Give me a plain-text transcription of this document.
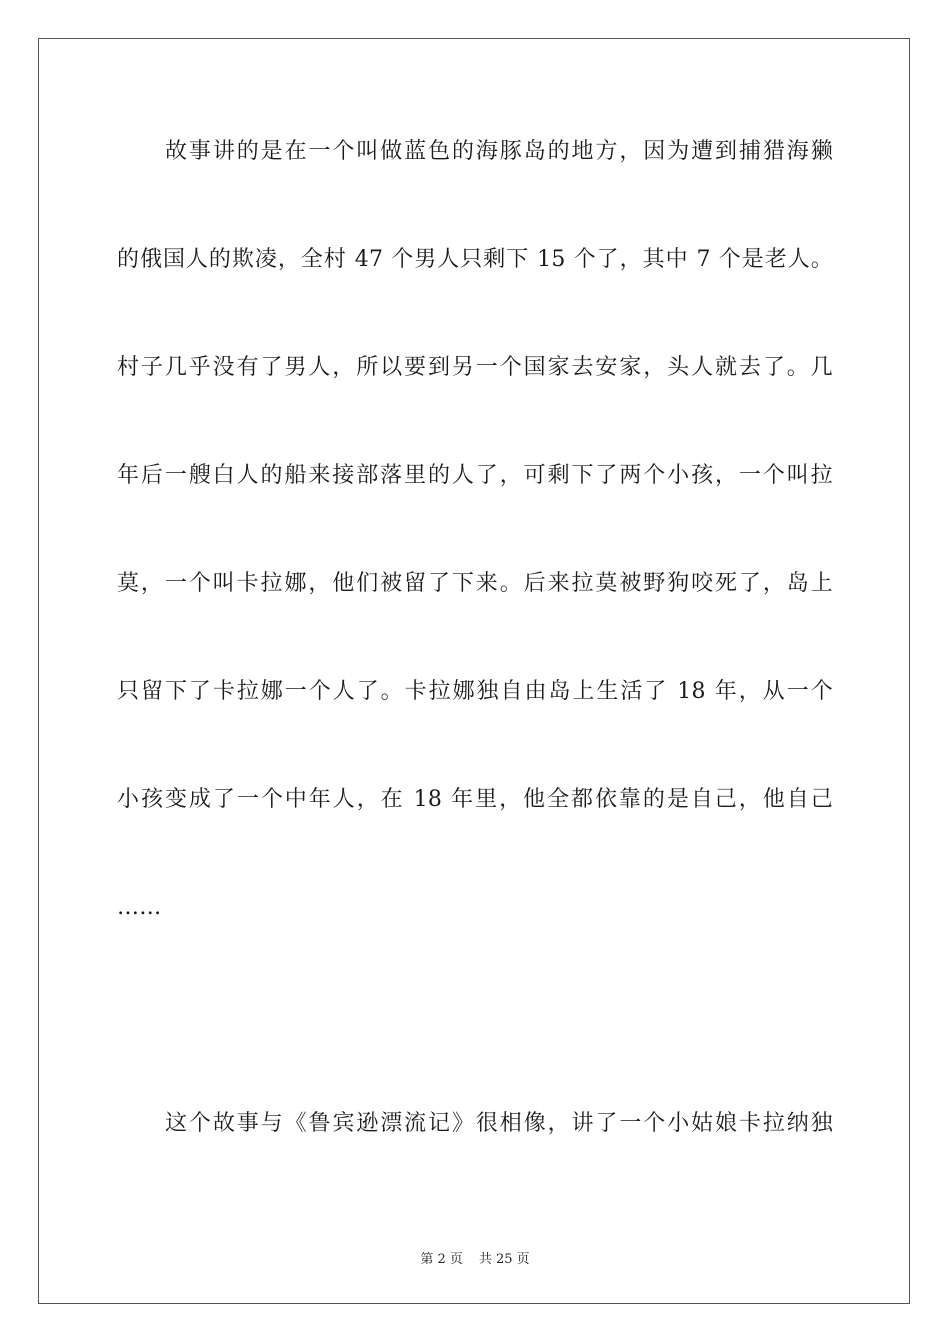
故事讲的是在一个叫做蓝色的海豚岛的地方，因为遭到捕猎海獭
的俄国人的欺凌，全村 47 个男人只剩下 15 个了，其中 7 个是老人。
村子几乎没有了男人，所以要到另一个国家去安家，头人就去了。几
年后一艘白人的船来接部落里的人了，可剩下了两个小孩，一个叫拉
莫，一个叫卡拉娜，他们被留了下来。后来拉莫被野狗咬死了，岛上
只留下了卡拉娜一个人了。卡拉娜独自由岛上生活了 18 年，从一个
小孩变成了一个中年人，在 18 年里，他全都依靠的是自己，他自己
……
这个故事与《鲁宾逊漂流记》很相像，讲了一个小姑娘卡拉纳独
第 2 页 共 25 页
